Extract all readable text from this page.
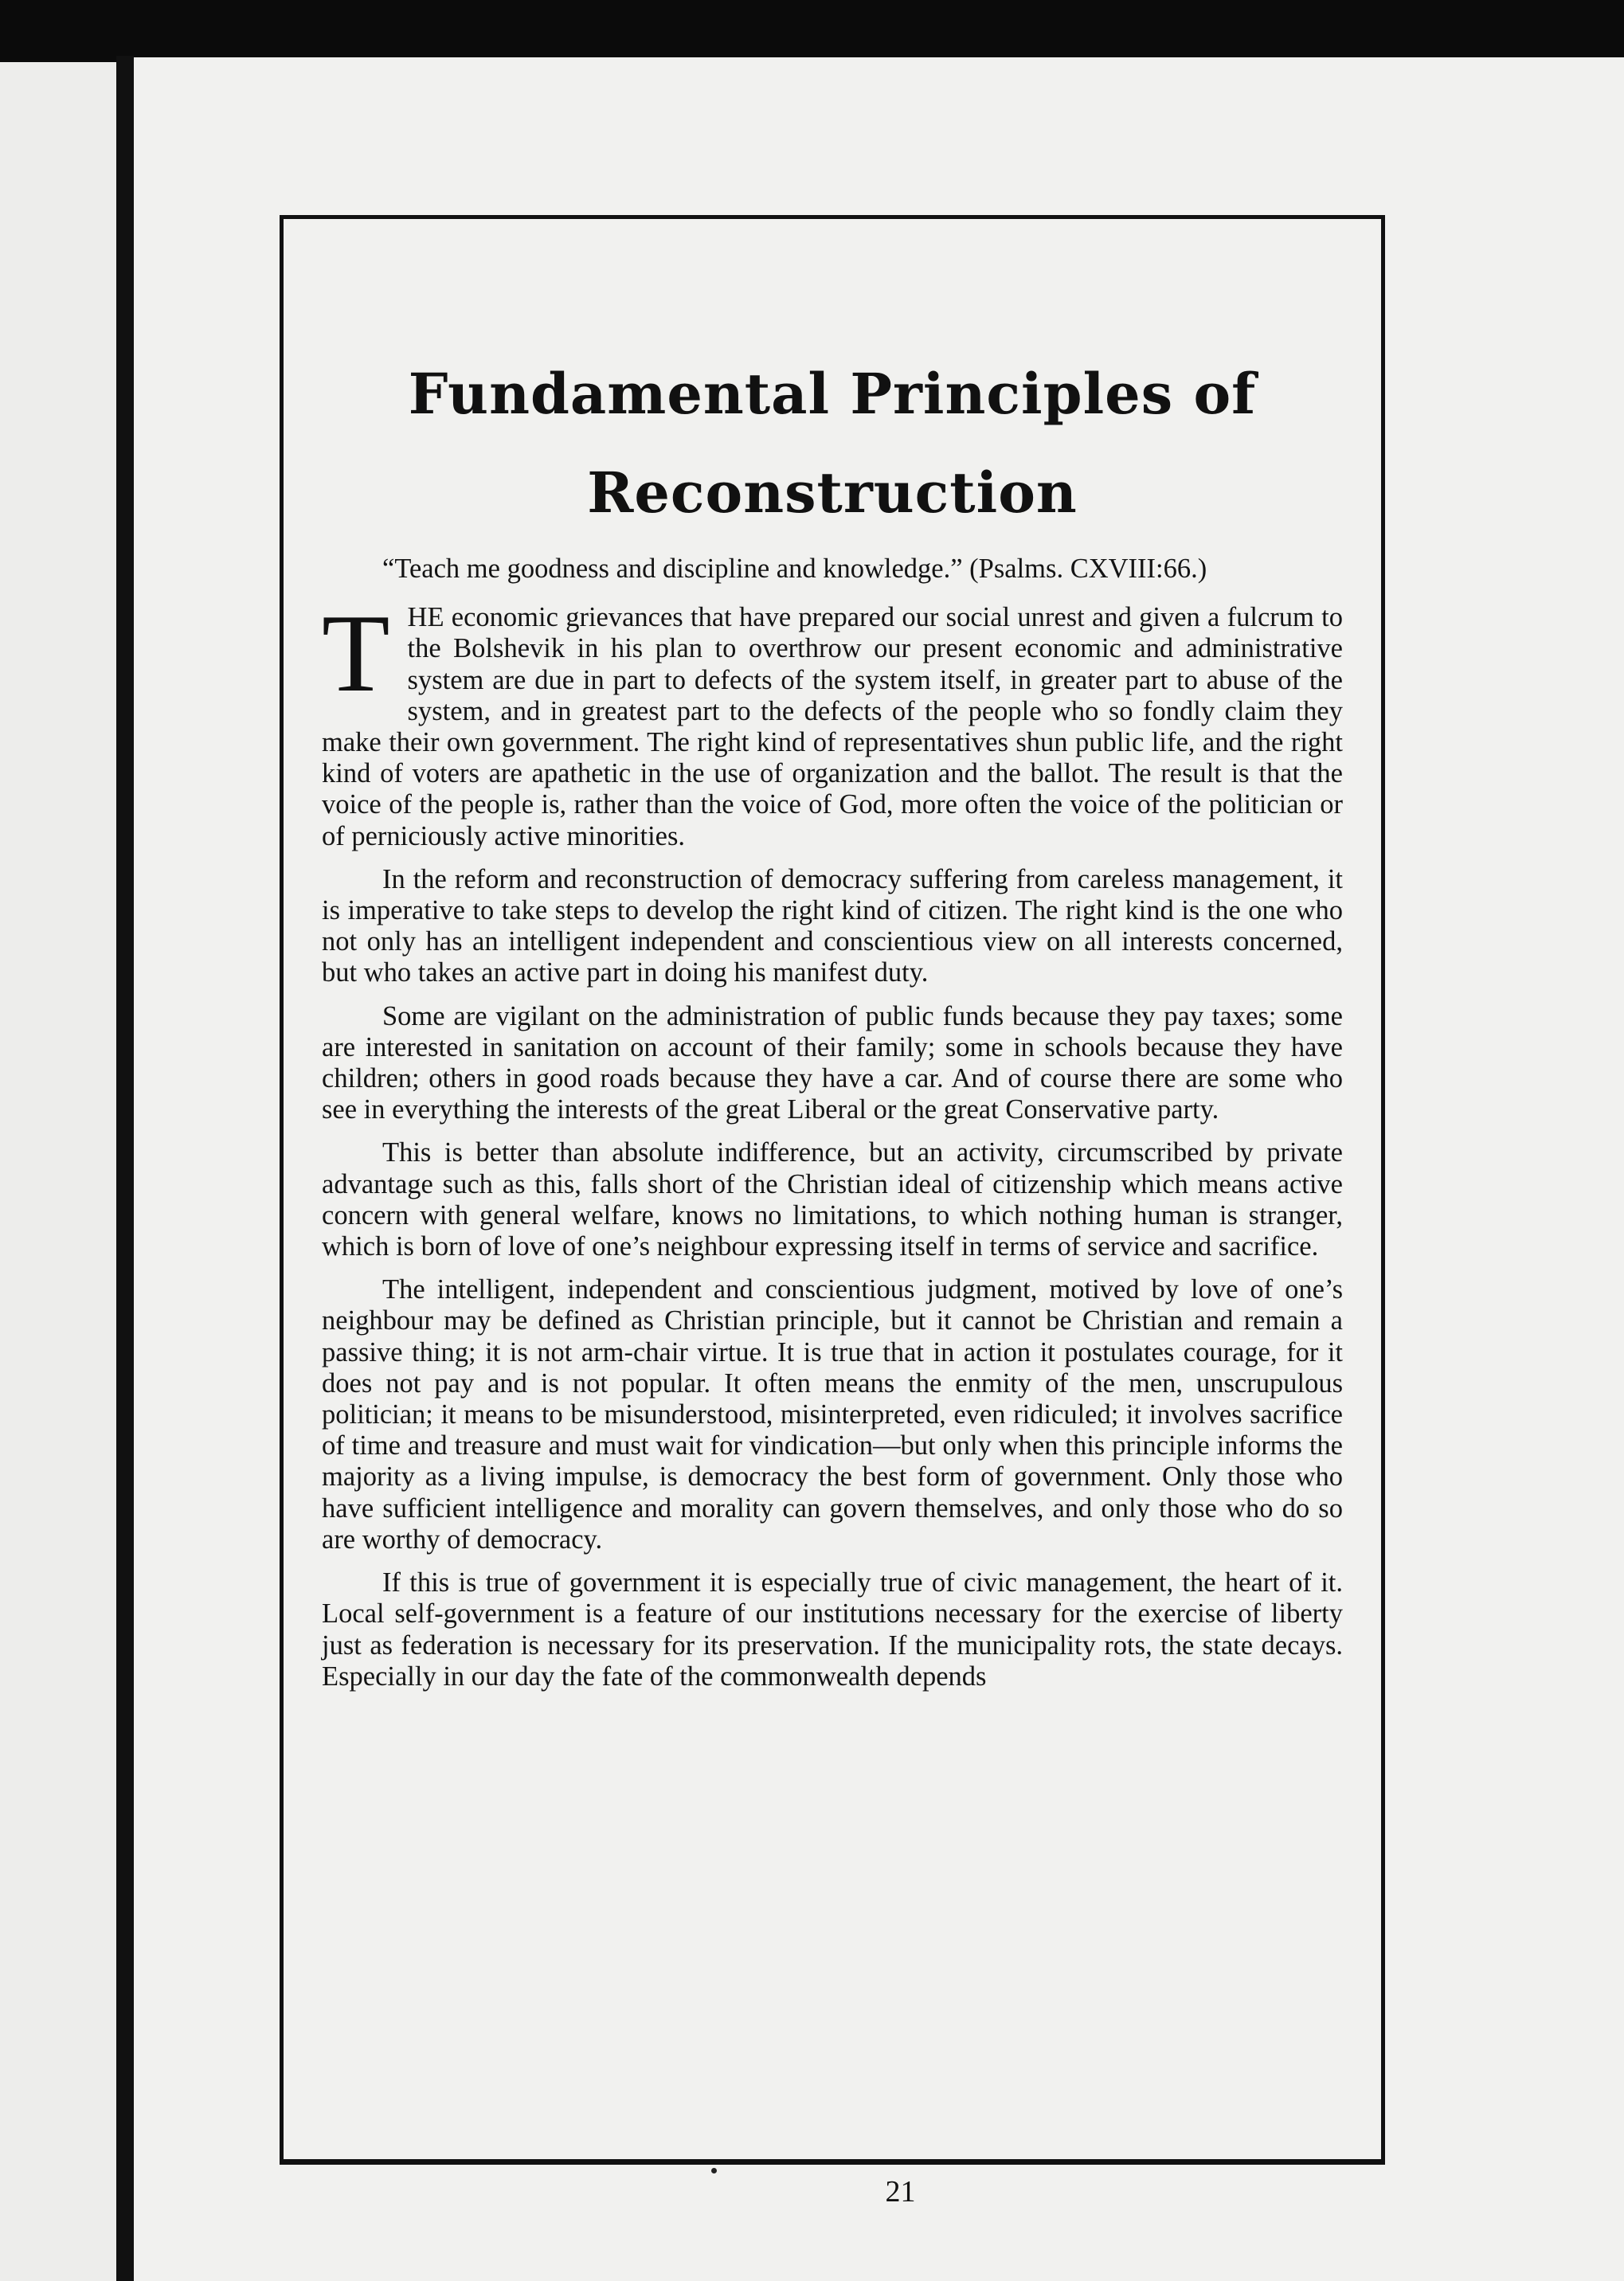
Fundamental Principles of
Reconstruction

“Teach me goodness and discipline and knowledge.” (Psalms. CXVIII:66.)

THE economic grievances that have prepared our social unrest and given a fulcrum to the Bolshevik in his plan to overthrow our present economic and administrative system are due in part to defects of the system itself, in greater part to abuse of the system, and in greatest part to the defects of the people who so fondly claim they make their own government. The right kind of representatives shun public life, and the right kind of voters are apathetic in the use of organization and the ballot. The result is that the voice of the people is, rather than the voice of God, more often the voice of the politician or of perniciously active minorities.

In the reform and reconstruction of democracy suffering from careless management, it is imperative to take steps to develop the right kind of citizen. The right kind is the one who not only has an intelligent independent and conscientious view on all interests concerned, but who takes an active part in doing his manifest duty.

Some are vigilant on the administration of public funds because they pay taxes; some are interested in sanitation on account of their family; some in schools because they have children; others in good roads because they have a car. And of course there are some who see in everything the interests of the great Liberal or the great Conservative party.

This is better than absolute indifference, but an activity, circumscribed by private advantage such as this, falls short of the Christian ideal of citizenship which means active concern with general welfare, knows no limitations, to which nothing human is stranger, which is born of love of one’s neighbour expressing itself in terms of service and sacrifice.

The intelligent, independent and conscientious judgment, motived by love of one’s neighbour may be defined as Christian principle, but it cannot be Christian and remain a passive thing; it is not arm-chair virtue. It is true that in action it postulates courage, for it does not pay and is not popular. It often means the enmity of the men, unscrupulous politician; it means to be misunderstood, misinterpreted, even ridiculed; it involves sacrifice of time and treasure and must wait for vindication—but only when this principle informs the majority as a living impulse, is democracy the best form of government. Only those who have sufficient intelligence and morality can govern themselves, and only those who do so are worthy of democracy.

If this is true of government it is especially true of civic management, the heart of it. Local self-government is a feature of our institutions necessary for the exercise of liberty just as federation is necessary for its preservation. If the municipality rots, the state decays. Especially in our day the fate of the commonwealth depends

21
